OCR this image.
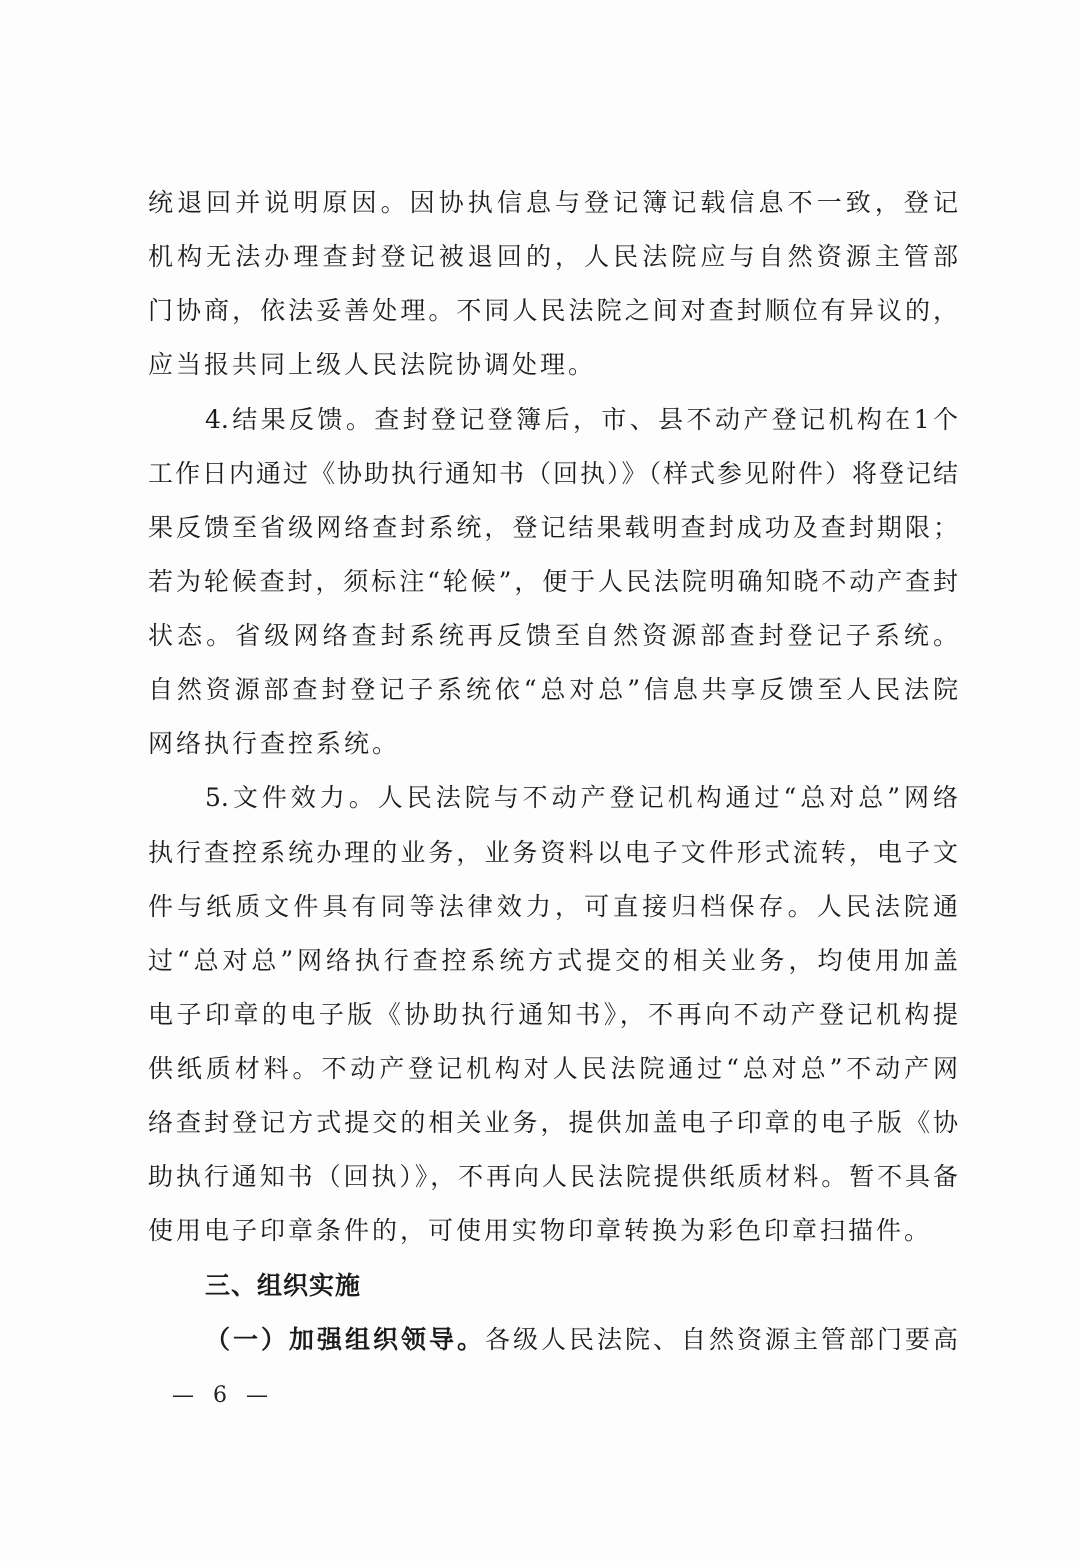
统退回并说明原因。因协执信息与登记簿记载信息不一致，登记
机构无法办理查封登记被退回的，人民法院应与自然资源主管部
门协商，依法妥善处理。不同人民法院之间对查封顺位有异议的，
应当报共同上级人民法院协调处理。
4.结果反馈。查封登记登簿后，市、县不动产登记机构在1个
工作日内通过《协助执行通知书（回执）》（样式参见附件）将登记结
果反馈至省级网络查封系统，登记结果载明查封成功及查封期限；
若为轮候查封，须标注“轮候”，便于人民法院明确知晓不动产查封
状态。省级网络查封系统再反馈至自然资源部查封登记子系统。
自然资源部查封登记子系统依“总对总”信息共享反馈至人民法院
网络执行查控系统。
5.文件效力。人民法院与不动产登记机构通过“总对总”网络
执行查控系统办理的业务，业务资料以电子文件形式流转，电子文
件与纸质文件具有同等法律效力，可直接归档保存。人民法院通
过“总对总”网络执行查控系统方式提交的相关业务，均使用加盖
电子印章的电子版《协助执行通知书》，不再向不动产登记机构提
供纸质材料。不动产登记机构对人民法院通过“总对总”不动产网
络查封登记方式提交的相关业务，提供加盖电子印章的电子版《协
助执行通知书（回执）》，不再向人民法院提供纸质材料。暂不具备
使用电子印章条件的，可使用实物印章转换为彩色印章扫描件。
三、组织实施
（一）加强组织领导。各级人民法院、自然资源主管部门要高
— 6 —
